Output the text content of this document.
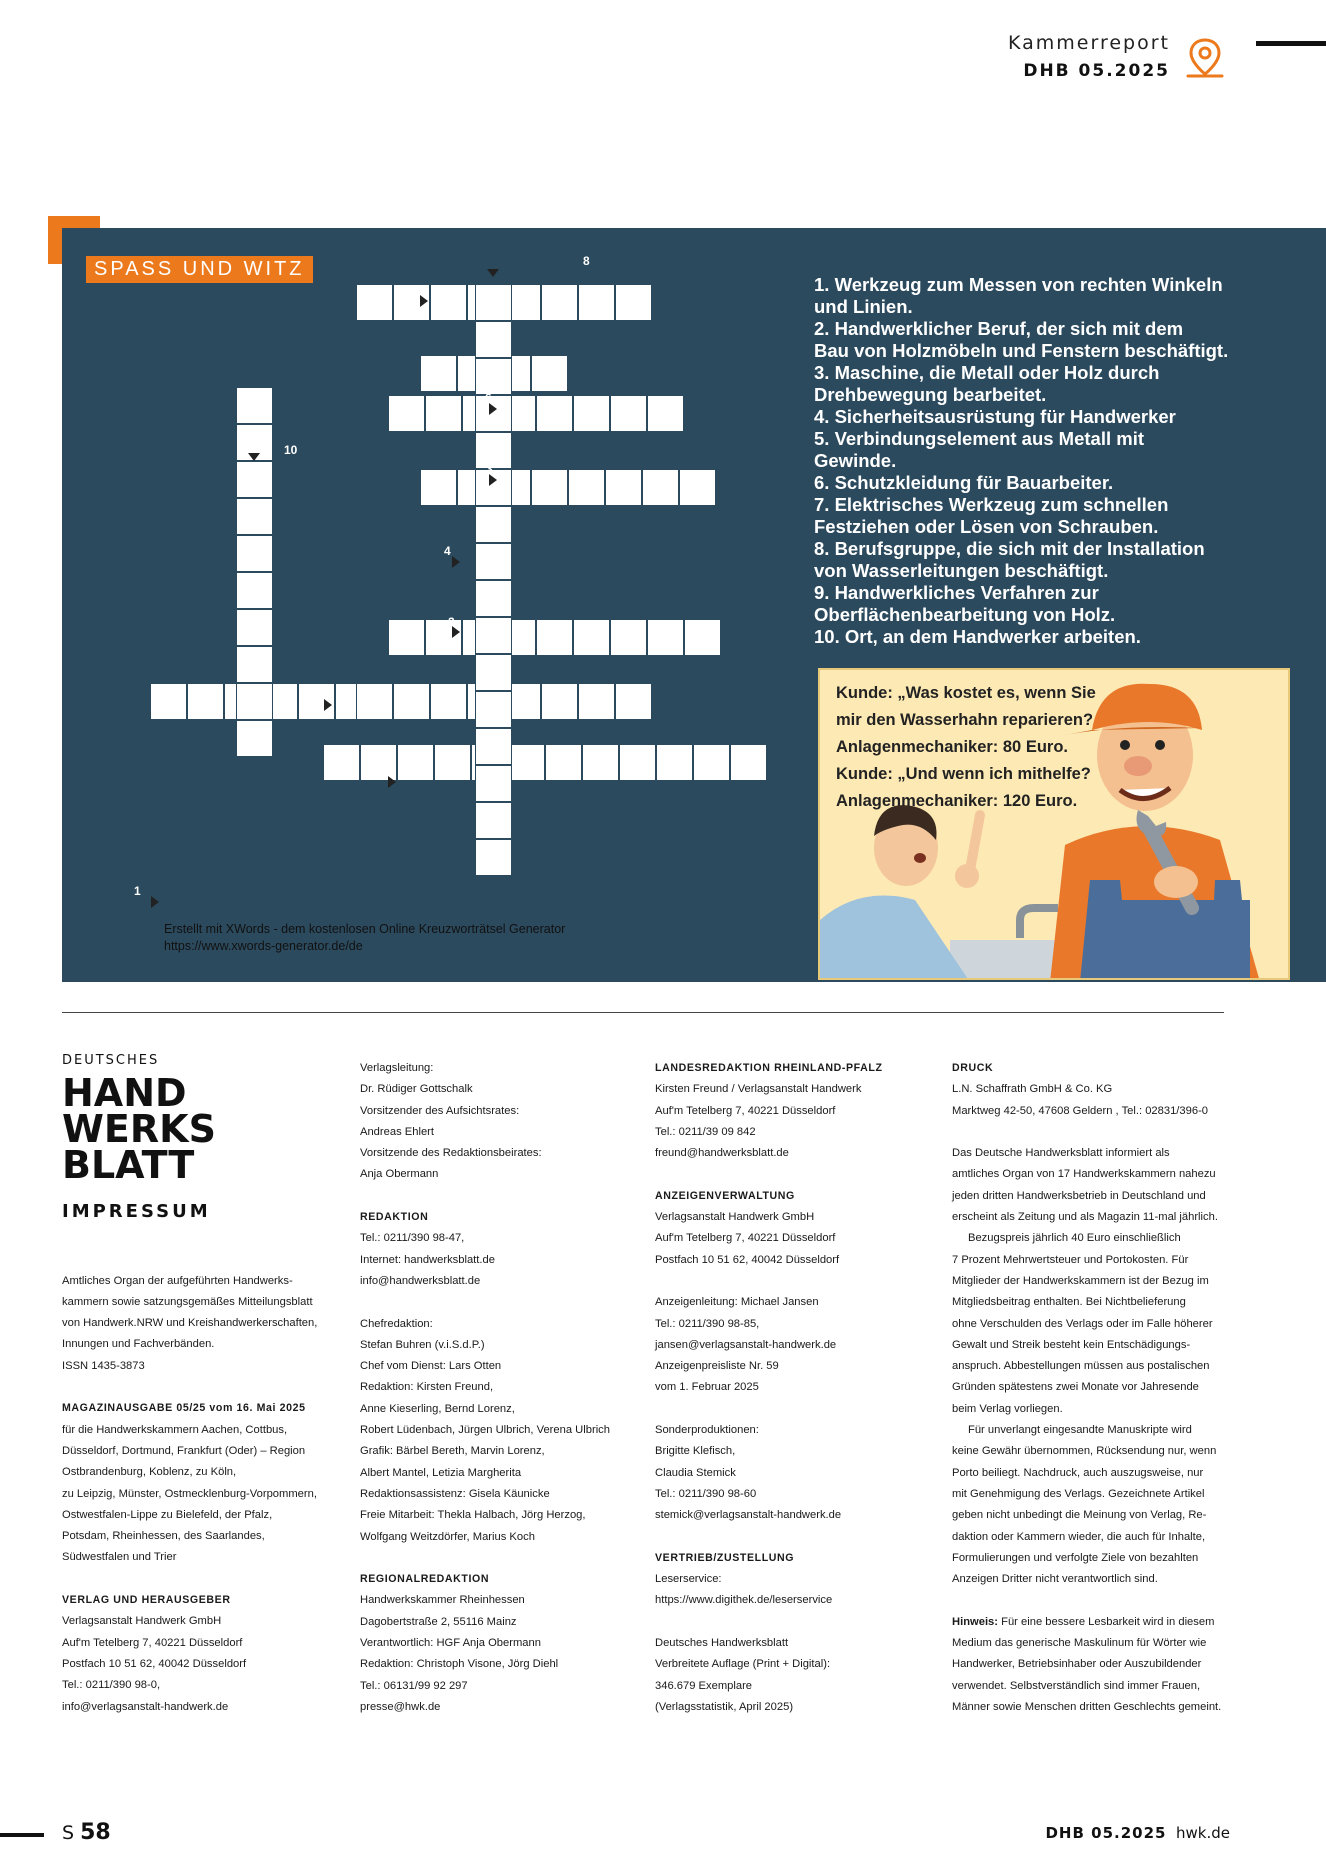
Kammerreport
DHB 05.2025
SPASS UND WITZ
1
2
3
4
5
6
7
8
9
10
Erstellt mit XWords - dem kostenlosen Online Kreuzworträtsel Generator
https://www.xwords-generator.de/de
1. Werkzeug zum Messen von rechten Winkeln
und Linien.
2. Handwerklicher Beruf, der sich mit dem
Bau von Holzmöbeln und Fenstern beschäftigt.
3. Maschine, die Metall oder Holz durch
Drehbewegung bearbeitet.
4. Sicherheitsausrüstung für Handwerker
5. Verbindungselement aus Metall mit
Gewinde.
6. Schutzkleidung für Bauarbeiter.
7. Elektrisches Werkzeug zum schnellen
Festziehen oder Lösen von Schrauben.
8. Berufsgruppe, die sich mit der Installation
von Wasserleitungen beschäftigt.
9. Handwerkliches Verfahren zur
Oberflächenbearbeitung von Holz.
10. Ort, an dem Handwerker arbeiten.

Kunde: „Was kostet es, wenn Sie

mir den Wasserhahn reparieren?

Anlagenmechaniker: 80 Euro.

Kunde: „Und wenn ich mithelfe?

Anlagenmechaniker: 120 Euro.

DEUTSCHES
HAND
WERKS
BLATT
IMPRESSUM

Amtliches Organ der aufgeführten Handwerks-

kammern sowie satzungsgemäßes Mitteilungsblatt

von Handwerk.NRW und Kreishandwerkerschaften,

Innungen und Fachverbänden.

ISSN 1435-3873

MAGAZINAUSGABE 05/25 vom 16. Mai 2025

für die Handwerkskammern Aachen, Cottbus,

Düsseldorf, Dortmund, Frankfurt (Oder) – Region

Ostbrandenburg, Koblenz, zu Köln,

zu Leipzig, Münster, Ostmecklenburg-Vorpommern,

Ostwestfalen-Lippe zu Bielefeld, der Pfalz,

Potsdam, Rheinhessen, des Saarlandes,

Südwestfalen und Trier

VERLAG UND HERAUSGEBER

Verlagsanstalt Handwerk GmbH

Auf'm Tetelberg 7, 40221 Düsseldorf

Postfach 10 51 62, 40042 Düsseldorf

Tel.: 0211/390 98-0,

info@verlagsanstalt-handwerk.de

Verlagsleitung:

Dr. Rüdiger Gottschalk

Vorsitzender des Aufsichtsrates:

Andreas Ehlert

Vorsitzende des Redaktionsbeirates:

Anja Obermann

REDAKTION

Tel.: 0211/390 98-47,

Internet: handwerksblatt.de

info@handwerksblatt.de

Chefredaktion:

Stefan Buhren (v.i.S.d.P.)

Chef vom Dienst: Lars Otten

Redaktion: Kirsten Freund,

Anne Kieserling, Bernd Lorenz,

Robert Lüdenbach, Jürgen Ulbrich, Verena Ulbrich

Grafik: Bärbel Bereth, Marvin Lorenz,

Albert Mantel, Letizia Margherita

Redaktionsassistenz: Gisela Käunicke

Freie Mitarbeit: Thekla Halbach, Jörg Herzog,

Wolfgang Weitzdörfer, Marius Koch

REGIONALREDAKTION

Handwerkskammer Rheinhessen

Dagobertstraße 2, 55116 Mainz

Verantwortlich: HGF Anja Obermann

Redaktion: Christoph Visone, Jörg Diehl

Tel.: 06131/99 92 297

presse@hwk.de

LANDESREDAKTION RHEINLAND-PFALZ

Kirsten Freund / Verlagsanstalt Handwerk

Auf'm Tetelberg 7, 40221 Düsseldorf

Tel.: 0211/39 09 842

freund@handwerksblatt.de

ANZEIGENVERWALTUNG

Verlagsanstalt Handwerk GmbH

Auf'm Tetelberg 7, 40221 Düsseldorf

Postfach 10 51 62, 40042 Düsseldorf

Anzeigenleitung: Michael Jansen

Tel.: 0211/390 98-85,

jansen@verlagsanstalt-handwerk.de

Anzeigenpreisliste Nr. 59

vom 1. Februar 2025

Sonderproduktionen:

Brigitte Klefisch,

Claudia Stemick

Tel.: 0211/390 98-60

stemick@verlagsanstalt-handwerk.de

VERTRIEB/ZUSTELLUNG

Leserservice:

https://www.digithek.de/leserservice

Deutsches Handwerksblatt

Verbreitete Auflage (Print + Digital):

346.679 Exemplare

(Verlagsstatistik, April 2025)

DRUCK

L.N. Schaffrath GmbH & Co. KG

Marktweg 42-50, 47608 Geldern , Tel.: 02831/396-0

Das Deutsche Handwerksblatt informiert als

amtliches Organ von 17 Handwerkskammern nahezu

jeden dritten Handwerksbetrieb in Deutschland und

erscheint als Zeitung und als Magazin 11-mal jährlich.

Bezugspreis jährlich 40 Euro einschließlich

7 Prozent Mehrwertsteuer und Portokosten. Für

Mitglieder der Handwerkskammern ist der Bezug im

Mitgliedsbeitrag enthalten. Bei Nichtbelieferung

ohne Verschulden des Verlags oder im Falle höherer

Gewalt und Streik besteht kein Entschädigungs-

anspruch. Abbestellungen müssen aus postalischen

Gründen spätestens zwei Monate vor Jahresende

beim Verlag vorliegen.

Für unverlangt eingesandte Manuskripte wird

keine Gewähr übernommen, Rücksendung nur, wenn

Porto beiliegt. Nachdruck, auch auszugsweise, nur

mit Genehmigung des Verlags. Gezeichnete Artikel

geben nicht unbedingt die Meinung von Verlag, Re-

daktion oder Kammern wieder, die auch für Inhalte,

Formulierungen und verfolgte Ziele von bezahlten

Anzeigen Dritter nicht verantwortlich sind.

Hinweis: Für eine bessere Lesbarkeit wird in diesem

Medium das generische Maskulinum für Wörter wie

Handwerker, Betriebsinhaber oder Auszubildender

verwendet. Selbstverständlich sind immer Frauen,

Männer sowie Menschen dritten Geschlechts gemeint.

S 58	DHB 05.2025 hwk.de
